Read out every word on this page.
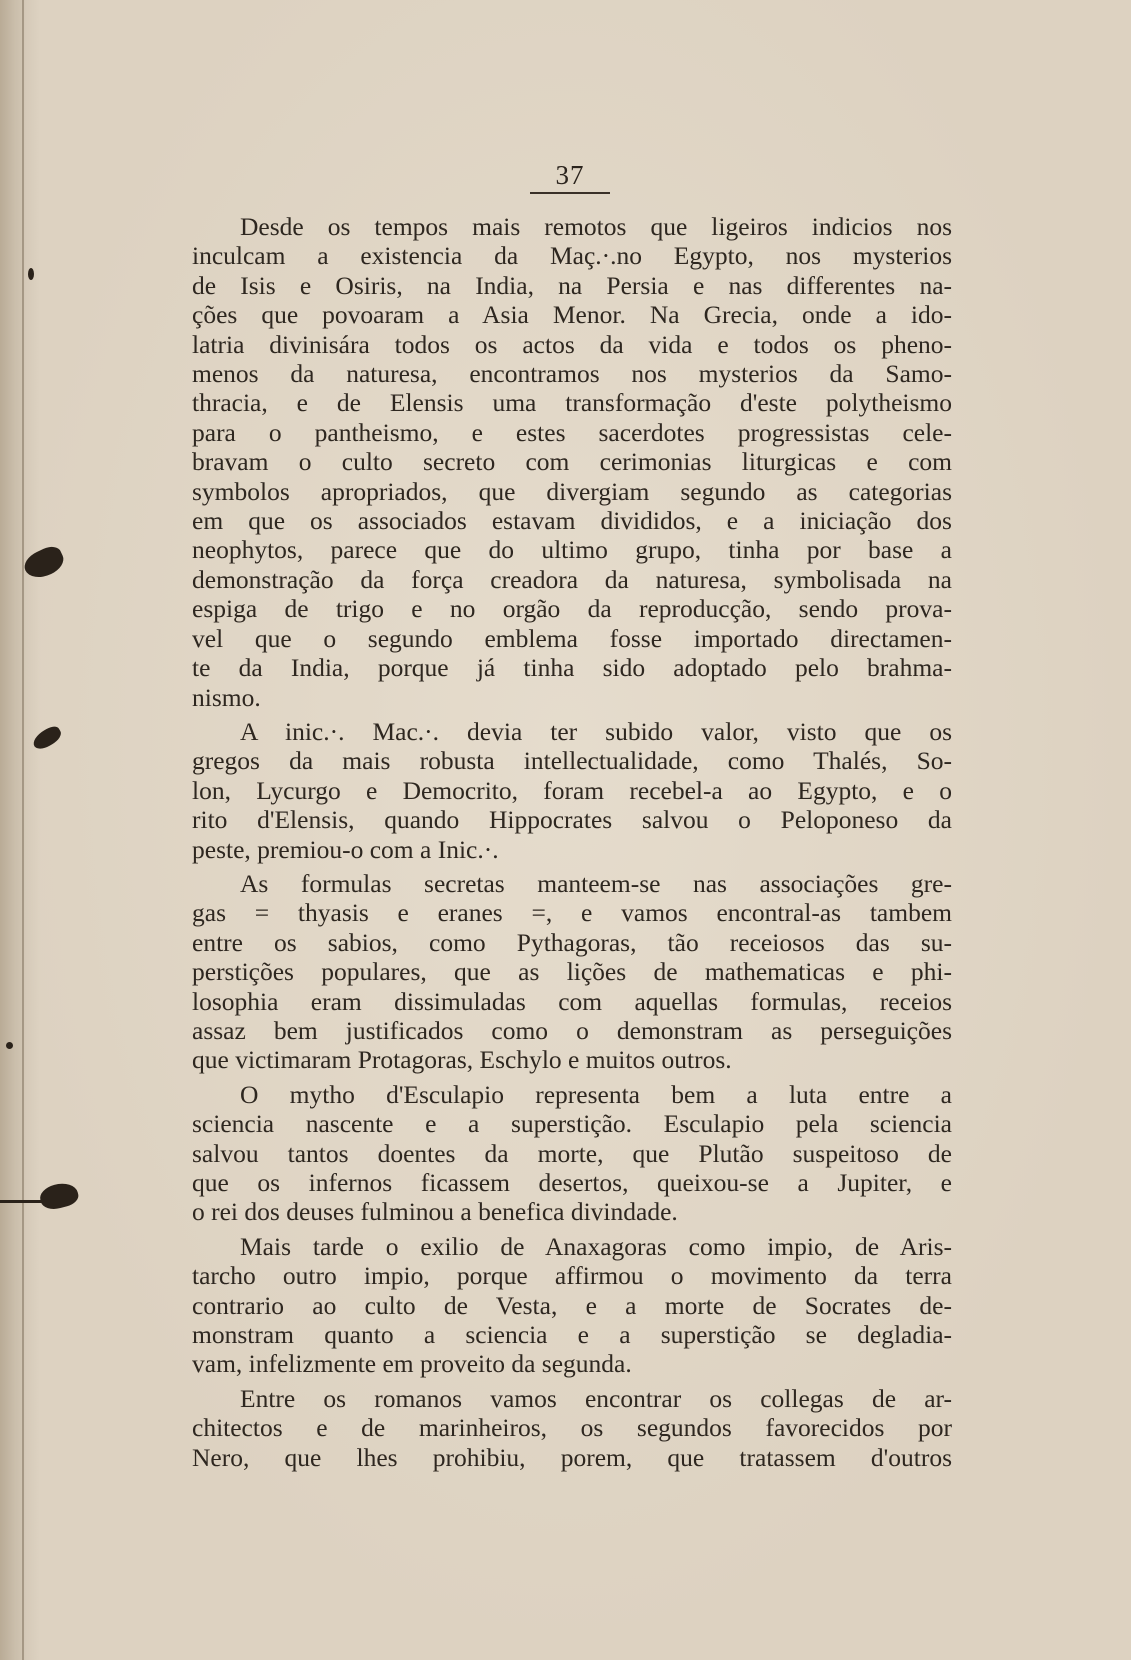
37
Desde os tempos mais remotos que ligeiros indicios nos
inculcam a existencia da Maç.·.no Egypto, nos mysterios
de Isis e Osiris, na India, na Persia e nas differentes na-
ções que povoaram a Asia Menor. Na Grecia, onde a ido-
latria divinisára todos os actos da vida e todos os pheno-
menos da naturesa, encontramos nos mysterios da Samo-
thracia, e de Elensis uma transformação d'este polytheismo
para o pantheismo, e estes sacerdotes progressistas cele-
bravam o culto secreto com cerimonias liturgicas e com
symbolos apropriados, que divergiam segundo as categorias
em que os associados estavam divididos, e a iniciação dos
neophytos, parece que do ultimo grupo, tinha por base a
demonstração da força creadora da naturesa, symbolisada na
espiga de trigo e no orgão da reproducção, sendo prova-
vel que o segundo emblema fosse importado directamen-
te da India, porque já tinha sido adoptado pelo brahma-
nismo.
A inic.·. Mac.·. devia ter subido valor, visto que os
gregos da mais robusta intellectualidade, como Thalés, So-
lon, Lycurgo e Democrito, foram recebel-a ao Egypto, e o
rito d'Elensis, quando Hippocrates salvou o Peloponeso da
peste, premiou-o com a Inic.·.
As formulas secretas manteem-se nas associações gre-
gas = thyasis e eranes =, e vamos encontral-as tambem
entre os sabios, como Pythagoras, tão receiosos das su-
perstições populares, que as lições de mathematicas e phi-
losophia eram dissimuladas com aquellas formulas, receios
assaz bem justificados como o demonstram as perseguições
que victimaram Protagoras, Eschylo e muitos outros.
O mytho d'Esculapio representa bem a luta entre a
sciencia nascente e a superstição. Esculapio pela sciencia
salvou tantos doentes da morte, que Plutão suspeitoso de
que os infernos ficassem desertos, queixou-se a Jupiter, e
o rei dos deuses fulminou a benefica divindade.
Mais tarde o exilio de Anaxagoras como impio, de Aris-
tarcho outro impio, porque affirmou o movimento da terra
contrario ao culto de Vesta, e a morte de Socrates de-
monstram quanto a sciencia e a superstição se degladia-
vam, infelizmente em proveito da segunda.
Entre os romanos vamos encontrar os collegas de ar-
chitectos e de marinheiros, os segundos favorecidos por
Nero, que lhes prohibiu, porem, que tratassem d'outros
